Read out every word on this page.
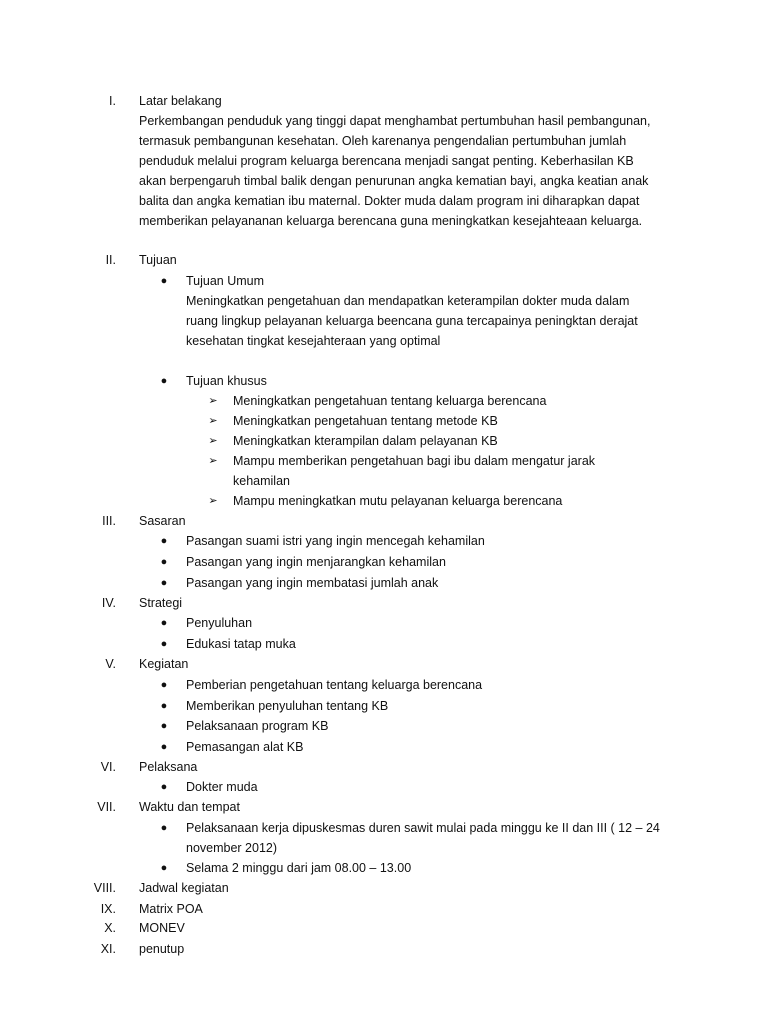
I. Latar belakang
Perkembangan penduduk yang tinggi dapat menghambat pertumbuhan hasil pembangunan,
termasuk pembangunan kesehatan. Oleh karenanya pengendalian pertumbuhan jumlah
penduduk melalui program keluarga berencana menjadi sangat penting. Keberhasilan KB
akan berpengaruh timbal balik dengan penurunan angka kematian bayi, angka keatian anak
balita dan angka kematian ibu maternal. Dokter muda dalam program ini diharapkan dapat
memberikan pelayananan keluarga berencana guna meningkatkan kesejahteaan keluarga.
II. Tujuan
● Tujuan Umum
Meningkatkan pengetahuan dan mendapatkan keterampilan dokter muda dalam
ruang lingkup pelayanan keluarga beencana guna tercapainya peningktan derajat
kesehatan tingkat kesejahteraan yang optimal
● Tujuan khusus
➢ Meningkatkan pengetahuan tentang keluarga berencana
➢ Meningkatkan pengetahuan tentang metode KB
➢ Meningkatkan kterampilan dalam pelayanan KB
➢ Mampu memberikan pengetahuan bagi ibu dalam mengatur jarak
kehamilan
➢ Mampu meningkatkan mutu pelayanan keluarga berencana
III. Sasaran
● Pasangan suami istri yang ingin mencegah kehamilan
● Pasangan yang ingin menjarangkan kehamilan
● Pasangan yang ingin membatasi jumlah anak
IV. Strategi
● Penyuluhan
● Edukasi tatap muka
V. Kegiatan
● Pemberian pengetahuan tentang keluarga berencana
● Memberikan penyuluhan tentang KB
● Pelaksanaan program KB
● Pemasangan alat KB
VI. Pelaksana
● Dokter muda
VII. Waktu dan tempat
● Pelaksanaan kerja dipuskesmas duren sawit mulai pada minggu ke II dan III ( 12 – 24
november 2012)
● Selama 2 minggu dari jam 08.00 – 13.00
VIII. Jadwal kegiatan
IX. Matrix POA
X. MONEV
XI. penutup
